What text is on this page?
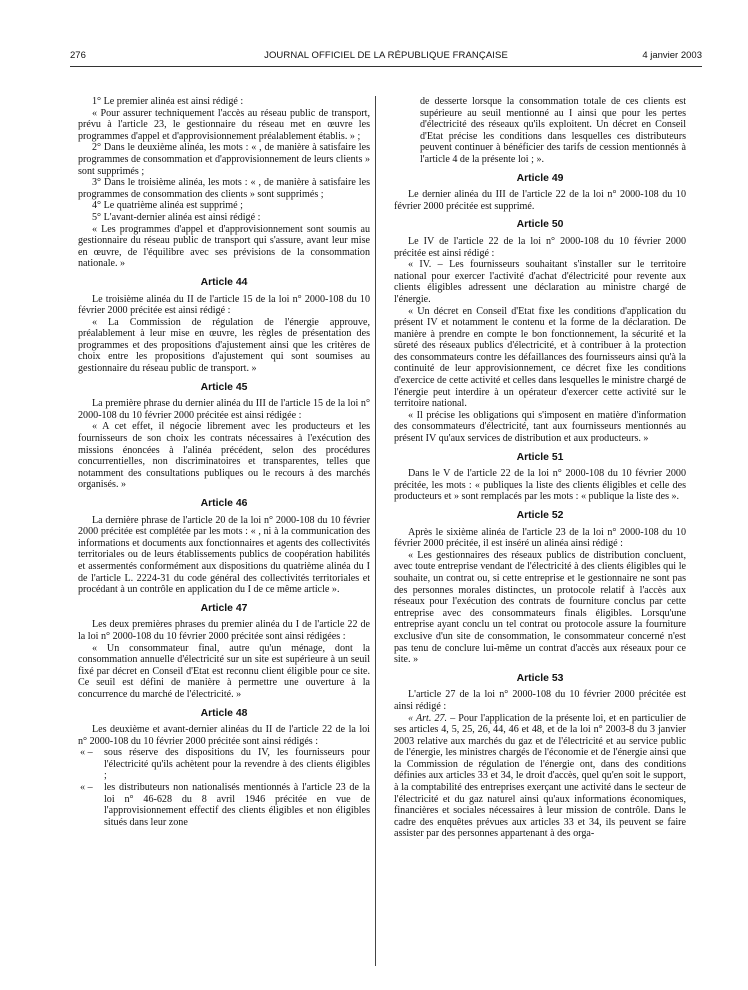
276	JOURNAL OFFICIEL DE LA RÉPUBLIQUE FRANÇAISE	4 janvier 2003

1° Le premier alinéa est ainsi rédigé :

« Pour assurer techniquement l'accès au réseau public de transport, prévu à l'article 23, le gestionnaire du réseau met en œuvre les programmes d'appel et d'approvisionnement préalablement établis. » ;

2° Dans le deuxième alinéa, les mots : « , de manière à satisfaire les programmes de consommation et d'approvisionnement de leurs clients » sont supprimés ;

3° Dans le troisième alinéa, les mots : « , de manière à satisfaire les programmes de consommation des clients » sont supprimés ;

4° Le quatrième alinéa est supprimé ;

5° L'avant-dernier alinéa est ainsi rédigé :

« Les programmes d'appel et d'approvisionnement sont soumis au gestionnaire du réseau public de transport qui s'assure, avant leur mise en œuvre, de l'équilibre avec ses prévisions de la consommation nationale. »

Article 44

Le troisième alinéa du II de l'article 15 de la loi n° 2000-108 du 10 février 2000 précitée est ainsi rédigé :

« La Commission de régulation de l'énergie approuve, préalablement à leur mise en œuvre, les règles de présentation des programmes et des propositions d'ajustement ainsi que les critères de choix entre les propositions d'ajustement qui sont soumises au gestionnaire du réseau public de transport. »

Article 45

La première phrase du dernier alinéa du III de l'article 15 de la loi n° 2000-108 du 10 février 2000 précitée est ainsi rédigée :

« A cet effet, il négocie librement avec les producteurs et les fournisseurs de son choix les contrats nécessaires à l'exécution des missions énoncées à l'alinéa précédent, selon des procédures concurrentielles, non discriminatoires et transparentes, telles que notamment des consultations publiques ou le recours à des marchés organisés. »

Article 46

La dernière phrase de l'article 20 de la loi n° 2000-108 du 10 février 2000 précitée est complétée par les mots : « , ni à la communication des informations et documents aux fonctionnaires et agents des collectivités territoriales ou de leurs établissements publics de coopération habilités et assermentés conformément aux dispositions du quatrième alinéa du I de l'article L. 2224-31 du code général des collectivités territoriales et procédant à un contrôle en application du I de ce même article ».

Article 47

Les deux premières phrases du premier alinéa du I de l'article 22 de la loi n° 2000-108 du 10 février 2000 précitée sont ainsi rédigées :

« Un consommateur final, autre qu'un ménage, dont la consommation annuelle d'électricité sur un site est supérieure à un seuil fixé par décret en Conseil d'Etat est reconnu client éligible pour ce site. Ce seuil est défini de manière à permettre une ouverture à la concurrence du marché de l'électricité. »

Article 48

Les deuxième et avant-dernier alinéas du II de l'article 22 de la loi n° 2000-108 du 10 février 2000 précitée sont ainsi rédigés :

« – sous réserve des dispositions du IV, les fournisseurs pour l'électricité qu'ils achètent pour la revendre à des clients éligibles ;

« – les distributeurs non nationalisés mentionnés à l'article 23 de la loi n° 46-628 du 8 avril 1946 précitée en vue de l'approvisionnement effectif des clients éligibles et non éligibles situés dans leur zone

de desserte lorsque la consommation totale de ces clients est supérieure au seuil mentionné au I ainsi que pour les pertes d'électricité des réseaux qu'ils exploitent. Un décret en Conseil d'Etat précise les conditions dans lesquelles ces distributeurs peuvent continuer à bénéficier des tarifs de cession mentionnés à l'article 4 de la présente loi ; ».

Article 49

Le dernier alinéa du III de l'article 22 de la loi n° 2000-108 du 10 février 2000 précitée est supprimé.

Article 50

Le IV de l'article 22 de la loi n° 2000-108 du 10 février 2000 précitée est ainsi rédigé :

« IV. – Les fournisseurs souhaitant s'installer sur le territoire national pour exercer l'activité d'achat d'électricité pour revente aux clients éligibles adressent une déclaration au ministre chargé de l'énergie.

« Un décret en Conseil d'Etat fixe les conditions d'application du présent IV et notamment le contenu et la forme de la déclaration. De manière à prendre en compte le bon fonctionnement, la sécurité et la sûreté des réseaux publics d'électricité, et à contribuer à la protection des consommateurs contre les défaillances des fournisseurs ainsi qu'à la continuité de leur approvisionnement, ce décret fixe les conditions d'exercice de cette activité et celles dans lesquelles le ministre chargé de l'énergie peut interdire à un opérateur d'exercer cette activité sur le territoire national.

« Il précise les obligations qui s'imposent en matière d'information des consommateurs d'électricité, tant aux fournisseurs mentionnés au présent IV qu'aux services de distribution et aux producteurs. »

Article 51

Dans le V de l'article 22 de la loi n° 2000-108 du 10 février 2000 précitée, les mots : « publiques la liste des clients éligibles et celle des producteurs et » sont remplacés par les mots : « publique la liste des ».

Article 52

Après le sixième alinéa de l'article 23 de la loi n° 2000-108 du 10 février 2000 précitée, il est inséré un alinéa ainsi rédigé :

« Les gestionnaires des réseaux publics de distribution concluent, avec toute entreprise vendant de l'électricité à des clients éligibles qui le souhaite, un contrat ou, si cette entreprise et le gestionnaire ne sont pas des personnes morales distinctes, un protocole relatif à l'accès aux réseaux pour l'exécution des contrats de fourniture conclus par cette entreprise avec des consommateurs finals éligibles. Lorsqu'une entreprise ayant conclu un tel contrat ou protocole assure la fourniture exclusive d'un site de consommation, le consommateur concerné n'est pas tenu de conclure lui-même un contrat d'accès aux réseaux pour ce site. »

Article 53

L'article 27 de la loi n° 2000-108 du 10 février 2000 précitée est ainsi rédigé :

« Art. 27. – Pour l'application de la présente loi, et en particulier de ses articles 4, 5, 25, 26, 44, 46 et 48, et de la loi n° 2003-8 du 3 janvier 2003 relative aux marchés du gaz et de l'électricité et au service public de l'énergie, les ministres chargés de l'économie et de l'énergie ainsi que la Commission de régulation de l'énergie ont, dans des conditions définies aux articles 33 et 34, le droit d'accès, quel qu'en soit le support, à la comptabilité des entreprises exerçant une activité dans le secteur de l'électricité et du gaz naturel ainsi qu'aux informations économiques, financières et sociales nécessaires à leur mission de contrôle. Dans le cadre des enquêtes prévues aux articles 33 et 34, ils peuvent se faire assister par des personnes appartenant à des orga-
